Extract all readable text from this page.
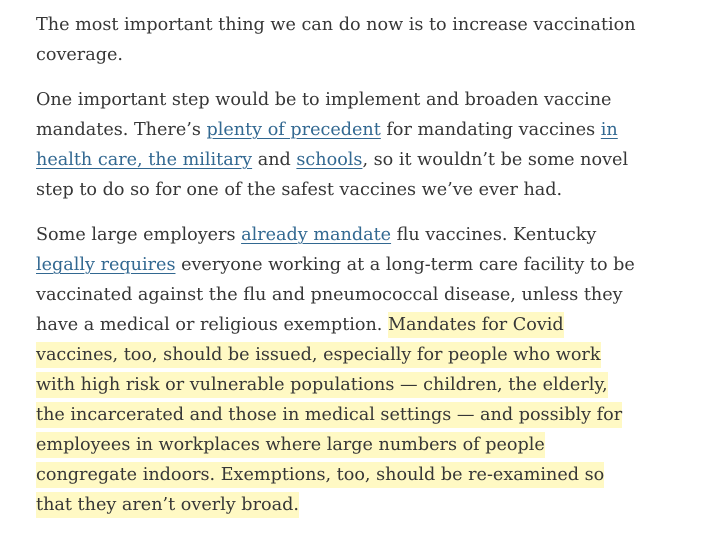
The most important thing we can do now is to increase vaccination coverage.

One important step would be to implement and broaden vaccine mandates. There’s plenty of precedent for mandating vaccines in health care, the military and schools, so it wouldn’t be some novel step to do so for one of the safest vaccines we’ve ever had.

Some large employers already mandate flu vaccines. Kentucky legally requires everyone working at a long-term care facility to be vaccinated against the flu and pneumococcal disease, unless they have a medical or religious exemption. Mandates for Covid vaccines, too, should be issued, especially for people who work with high risk or vulnerable populations — children, the elderly, the incarcerated and those in medical settings — and possibly for employees in workplaces where large numbers of people congregate indoors. Exemptions, too, should be re-examined so that they aren’t overly broad.
